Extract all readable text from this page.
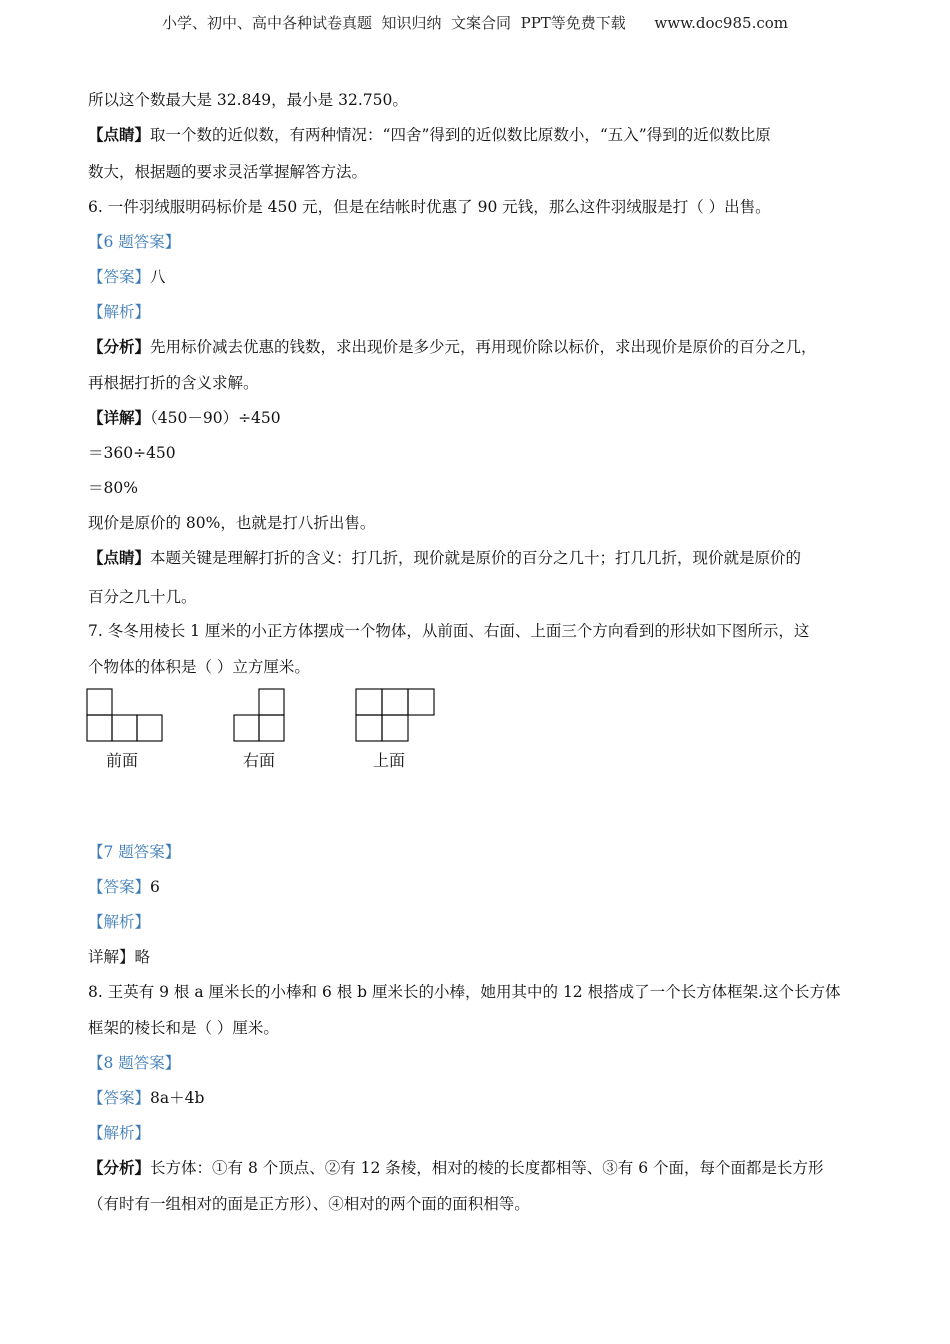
小学、初中、高中各种试卷真题  知识归纳  文案合同  PPT等免费下载      www.doc985.com
所以这个数最大是 32.849，最小是 32.750。
【点睛】取一个数的近似数，有两种情况：“四舍”得到的近似数比原数小，“五入”得到的近似数比原
数大，根据题的要求灵活掌握解答方法。
6. 一件羽绒服明码标价是 450 元，但是在结帐时优惠了 90 元钱，那么这件羽绒服是打（ ）出售。
【6 题答案】
【答案】八
【解析】
【分析】先用标价减去优惠的钱数，求出现价是多少元，再用现价除以标价，求出现价是原价的百分之几，
再根据打折的含义求解。
【详解】（450－90）÷450
＝360÷450
＝80%
现价是原价的 80%，也就是打八折出售。
【点睛】本题关键是理解打折的含义：打几折，现价就是原价的百分之几十；打几几折，现价就是原价的
百分之几十几。
7. 冬冬用棱长 1 厘米的小正方体摆成一个物体，从前面、右面、上面三个方向看到的形状如下图所示，这
个物体的体积是（ ）立方厘米。
前面	右面	上面
【7 题答案】
【答案】6
【解析】
详解】略
8. 王英有 9 根 a 厘米长的小棒和 6 根 b 厘米长的小棒，她用其中的 12 根搭成了一个长方体框架.这个长方体
框架的棱长和是（ ）厘米。
【8 题答案】
【答案】8a＋4b
【解析】
【分析】长方体：①有 8 个顶点、②有 12 条棱，相对的棱的长度都相等、③有 6 个面，每个面都是长方形
（有时有一组相对的面是正方形）、④相对的两个面的面积相等。
